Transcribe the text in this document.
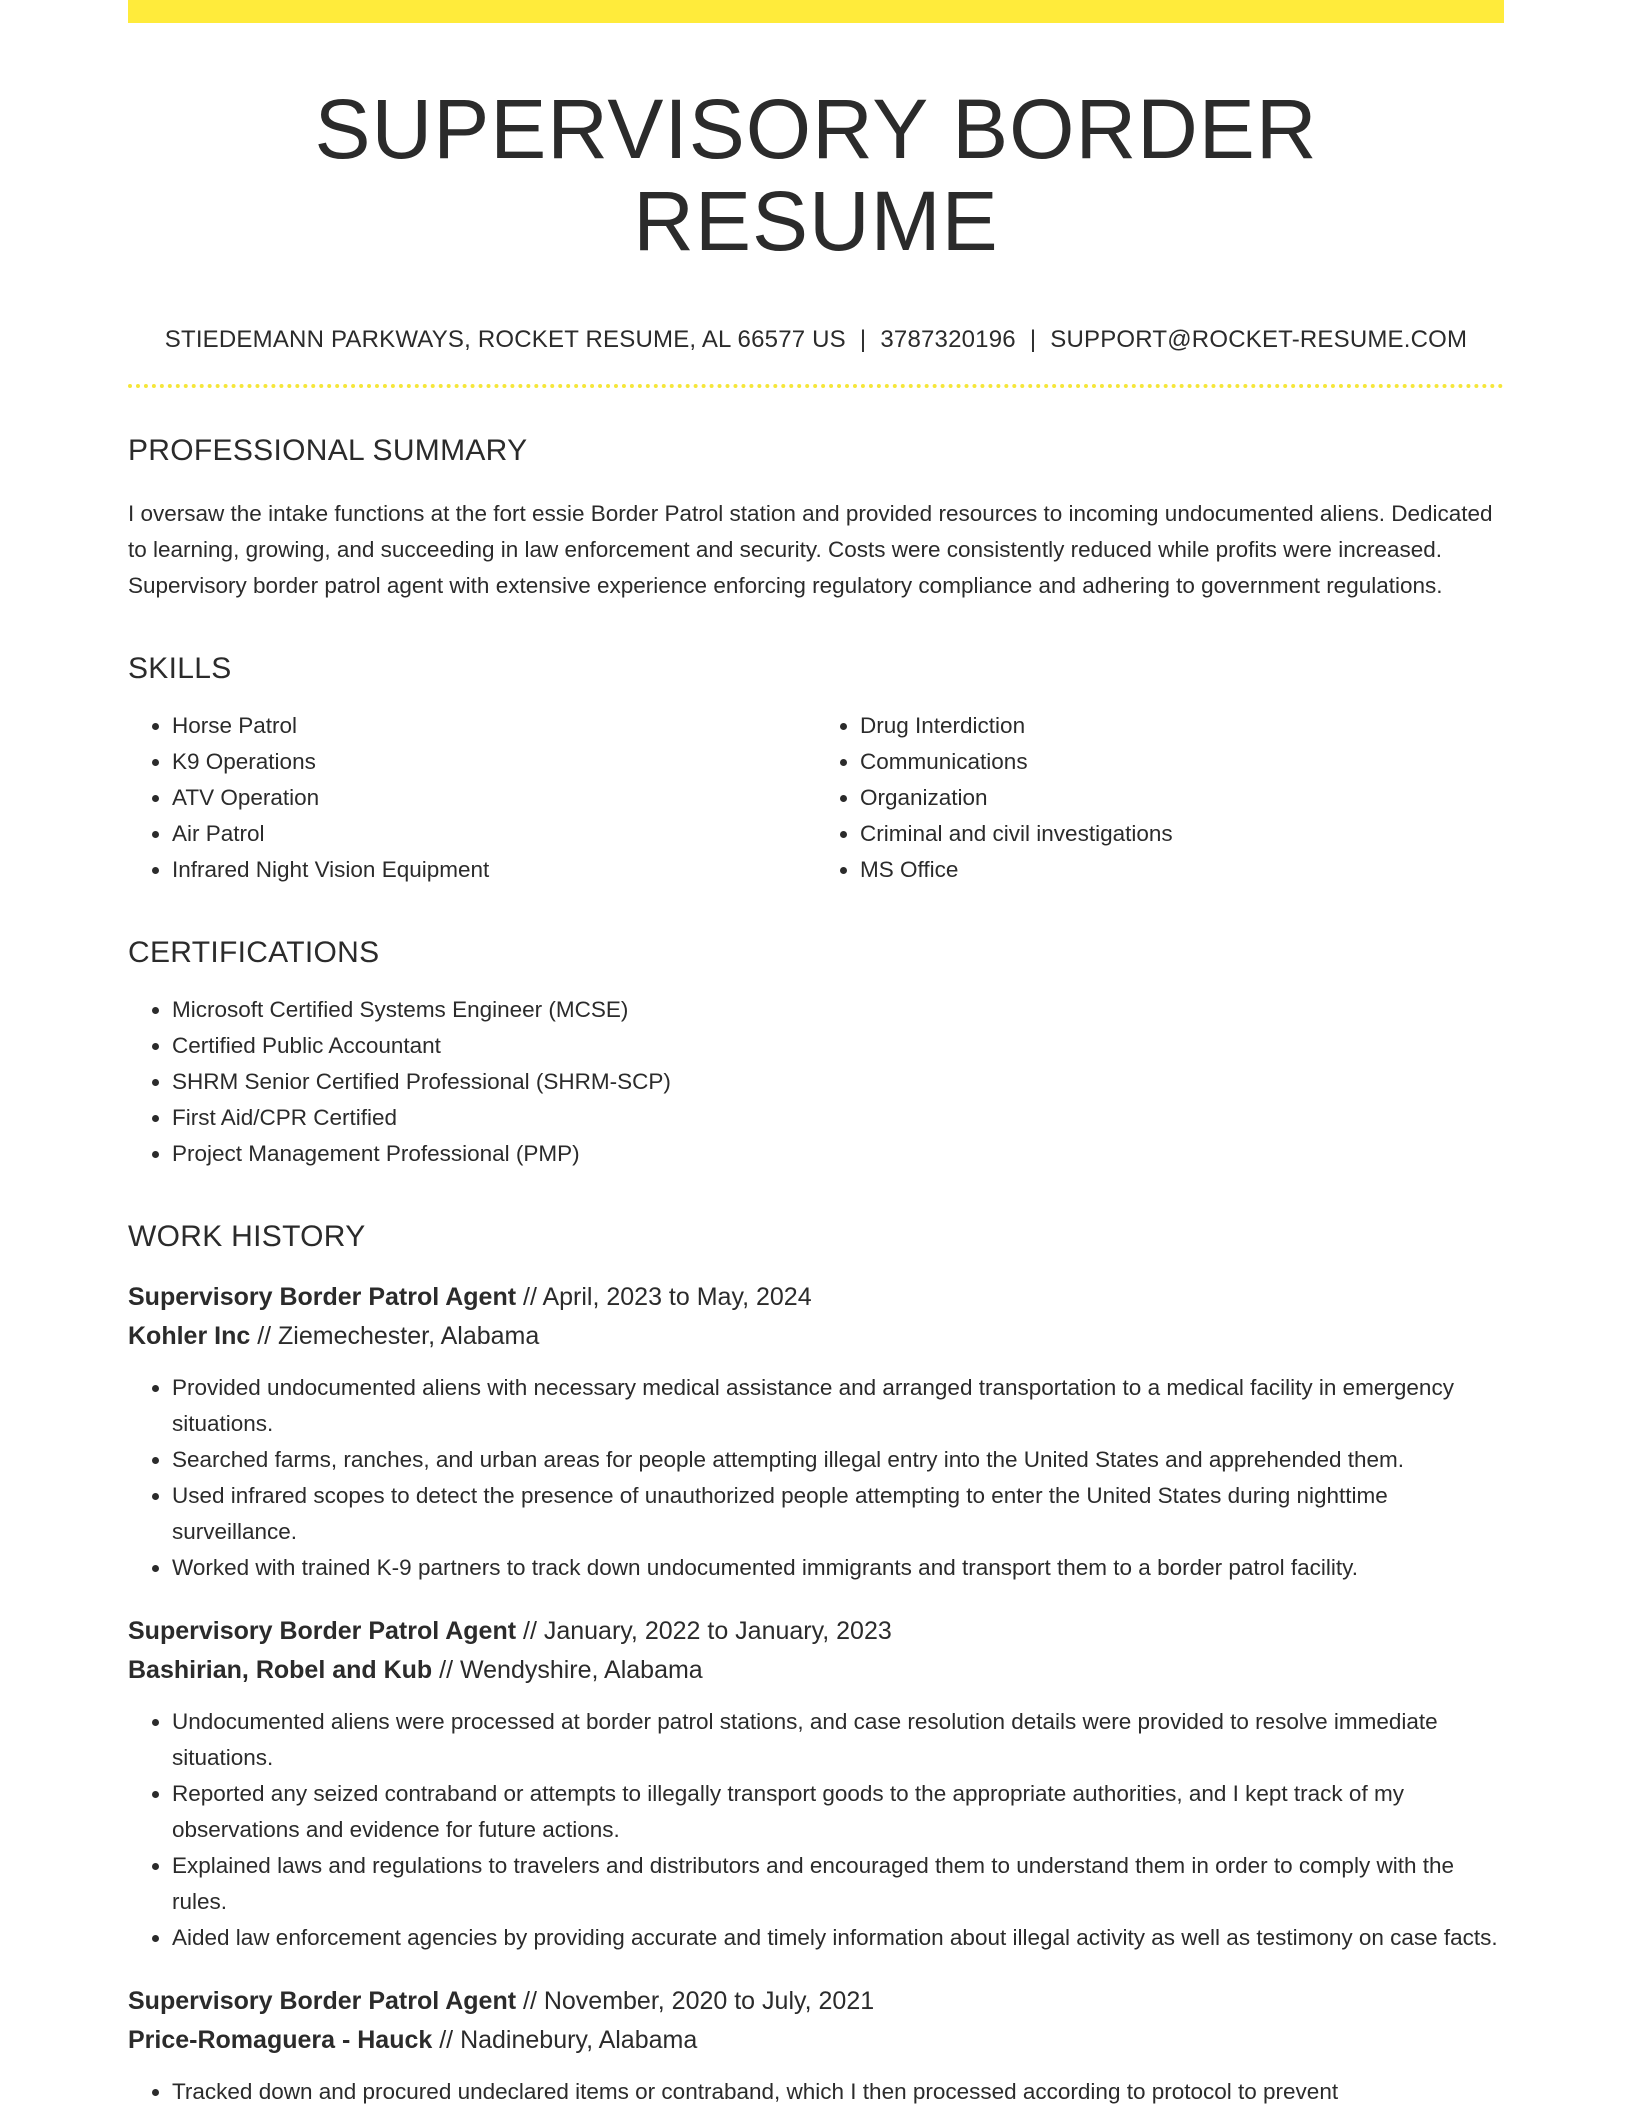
SUPERVISORY BORDER RESUME
STIEDEMANN PARKWAYS, ROCKET RESUME, AL 66577 US | 3787320196 | SUPPORT@ROCKET-RESUME.COM
PROFESSIONAL SUMMARY

I oversaw the intake functions at the fort essie Border Patrol station and provided resources to incoming undocumented aliens. Dedicated to learning, growing, and succeeding in law enforcement and security. Costs were consistently reduced while profits were increased. Supervisory border patrol agent with extensive experience enforcing regulatory compliance and adhering to government regulations.

SKILLS
• Horse Patrol
• K9 Operations
• ATV Operation
• Air Patrol
• Infrared Night Vision Equipment
• Drug Interdiction
• Communications
• Organization
• Criminal and civil investigations
• MS Office
CERTIFICATIONS
• Microsoft Certified Systems Engineer (MCSE)
• Certified Public Accountant
• SHRM Senior Certified Professional (SHRM-SCP)
• First Aid/CPR Certified
• Project Management Professional (PMP)
WORK HISTORY
Supervisory Border Patrol Agent // April, 2023 to May, 2024
Kohler Inc // Ziemechester, Alabama
• Provided undocumented aliens with necessary medical assistance and arranged transportation to a medical facility in emergency situations.
• Searched farms, ranches, and urban areas for people attempting illegal entry into the United States and apprehended them.
• Used infrared scopes to detect the presence of unauthorized people attempting to enter the United States during nighttime surveillance.
• Worked with trained K-9 partners to track down undocumented immigrants and transport them to a border patrol facility.
Supervisory Border Patrol Agent // January, 2022 to January, 2023
Bashirian, Robel and Kub // Wendyshire, Alabama
• Undocumented aliens were processed at border patrol stations, and case resolution details were provided to resolve immediate situations.
• Reported any seized contraband or attempts to illegally transport goods to the appropriate authorities, and I kept track of my observations and evidence for future actions.
• Explained laws and regulations to travelers and distributors and encouraged them to understand them in order to comply with the rules.
• Aided law enforcement agencies by providing accurate and timely information about illegal activity as well as testimony on case facts.
Supervisory Border Patrol Agent // November, 2020 to July, 2021
Price-Romaguera - Hauck // Nadinebury, Alabama
• Tracked down and procured undeclared items or contraband, which I then processed according to protocol to prevent
